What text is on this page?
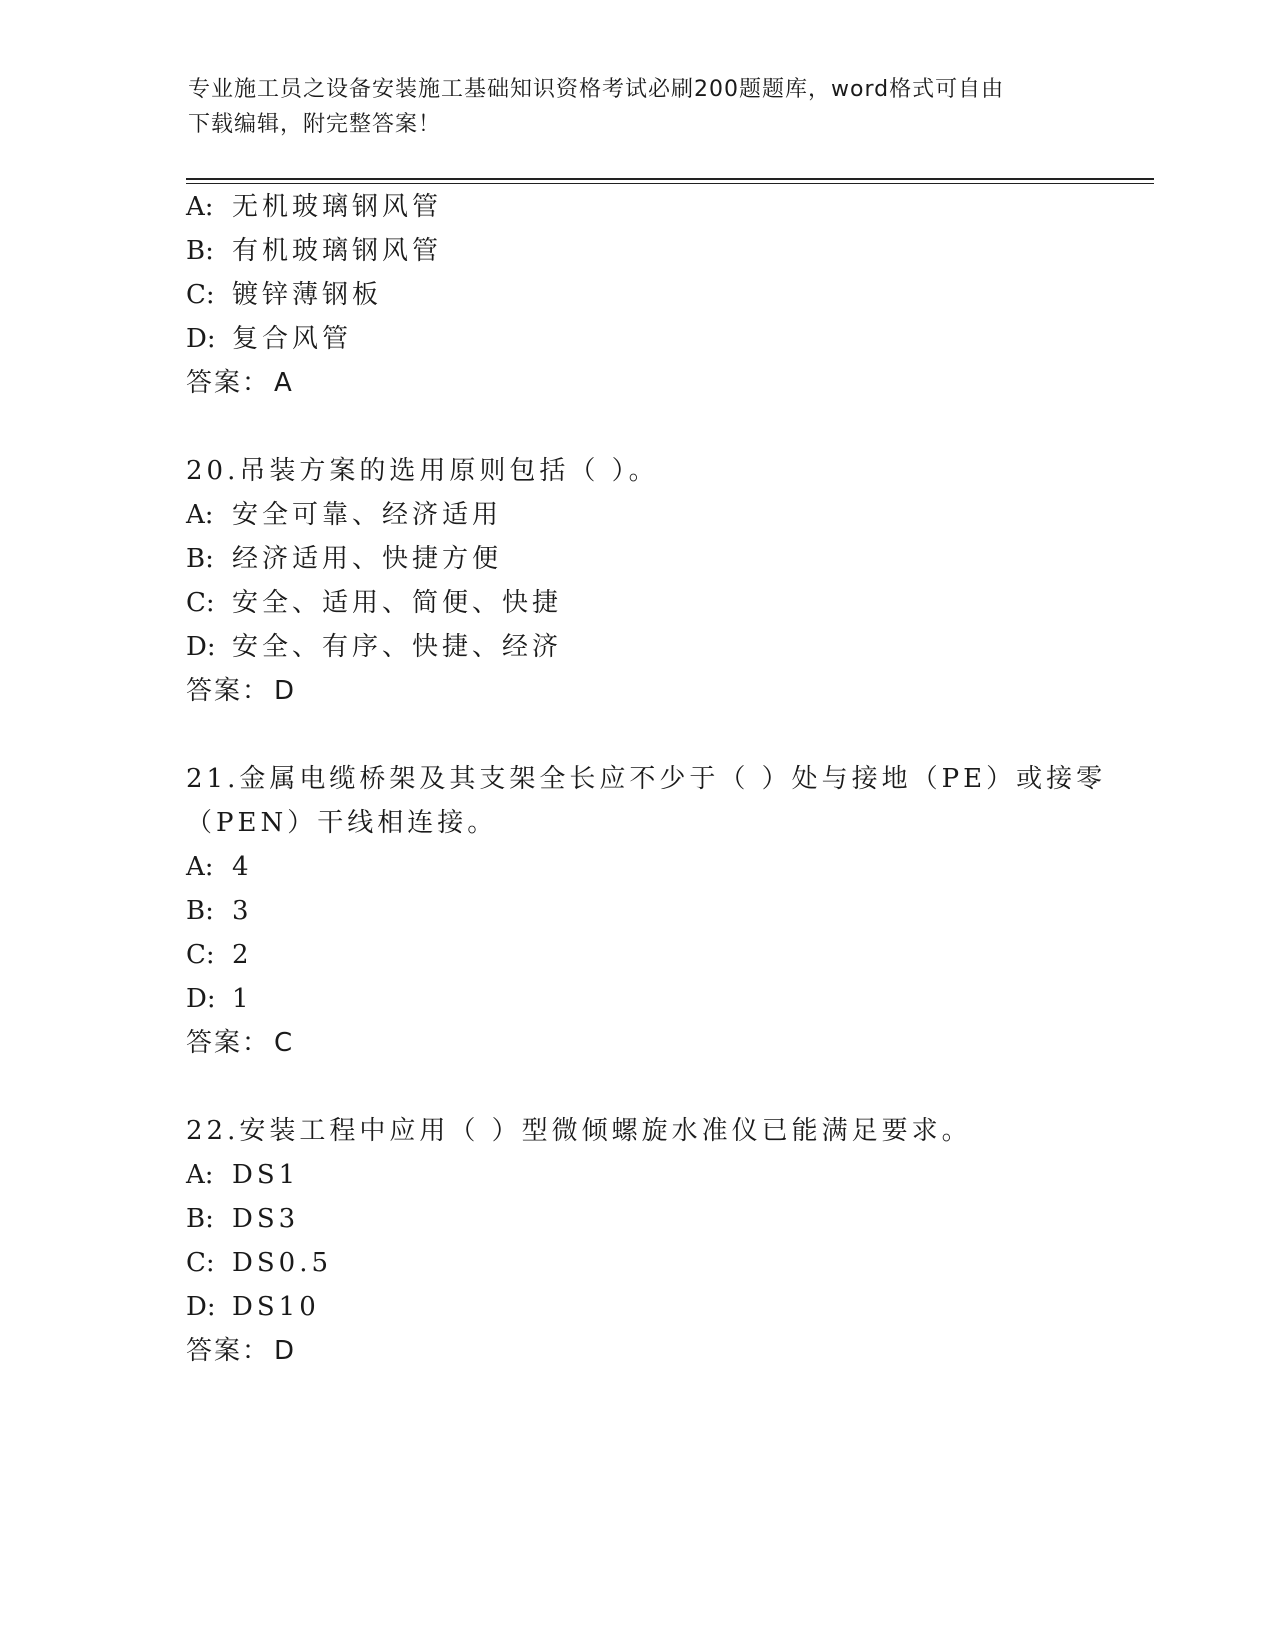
专业施工员之设备安装施工基础知识资格考试必刷200题题库，word格式可自由
下载编辑，附完整答案！
A: 无机玻璃钢风管
B: 有机玻璃钢风管
C: 镀锌薄钢板
D: 复合风管
答案： A
20.吊装方案的选用原则包括（ ）。
A: 安全可靠、经济适用
B: 经济适用、快捷方便
C: 安全、适用、简便、快捷
D: 安全、有序、快捷、经济
答案： D
21.金属电缆桥架及其支架全长应不少于（ ）处与接地（PE）或接零
（PEN）干线相连接。
A: 4
B: 3
C: 2
D: 1
答案： C
22.安装工程中应用（ ）型微倾螺旋水准仪已能满足要求。
A: DS1
B: DS3
C: DS0.5
D: DS10
答案： D
